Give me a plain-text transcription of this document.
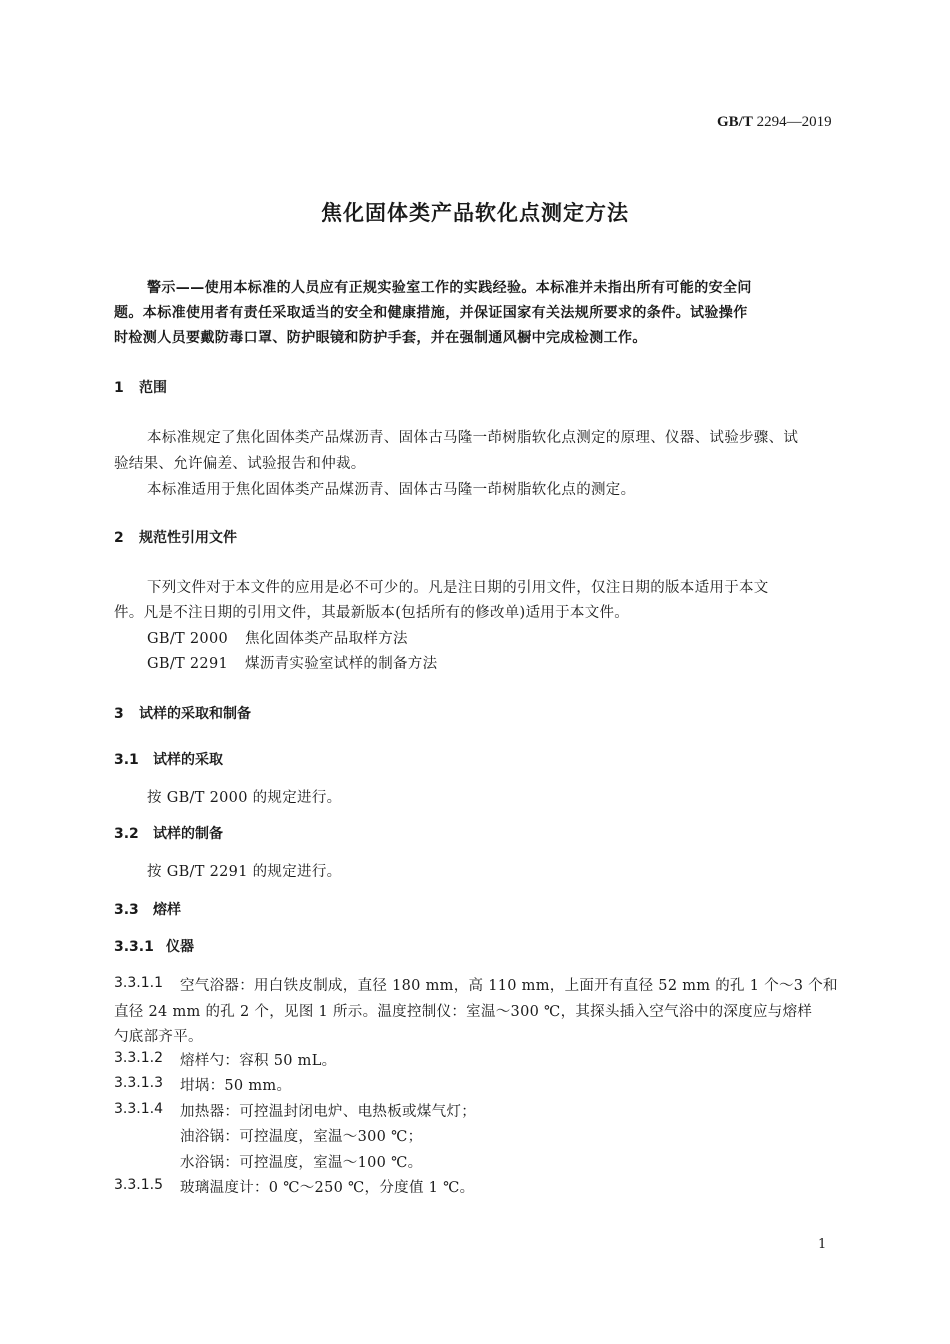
GB/T 2294—2019
焦化固体类产品软化点测定方法
警示——使用本标准的人员应有正规实验室工作的实践经验。本标准并未指出所有可能的安全问
题。本标准使用者有责任采取适当的安全和健康措施，并保证国家有关法规所要求的条件。试验操作
时检测人员要戴防毒口罩、防护眼镜和防护手套，并在强制通风橱中完成检测工作。
1 范围
本标准规定了焦化固体类产品煤沥青、固体古马隆一茚树脂软化点测定的原理、仪器、试验步骤、试
验结果、允许偏差、试验报告和仲裁。
本标准适用于焦化固体类产品煤沥青、固体古马隆一茚树脂软化点的测定。
2 规范性引用文件
下列文件对于本文件的应用是必不可少的。凡是注日期的引用文件，仅注日期的版本适用于本文
件。凡是不注日期的引用文件，其最新版本(包括所有的修改单)适用于本文件。
GB/T 2000 焦化固体类产品取样方法
GB/T 2291 煤沥青实验室试样的制备方法
3 试样的采取和制备
3.1 试样的采取
按 GB/T 2000 的规定进行。
3.2 试样的制备
按 GB/T 2291 的规定进行。
3.3 熔样
3.3.1 仪器
3.3.1.1 空气浴器：用白铁皮制成，直径 180 mm，高 110 mm，上面开有直径 52 mm 的孔 1 个～3 个和
直径 24 mm 的孔 2 个，见图 1 所示。温度控制仪：室温～300 ℃，其探头插入空气浴中的深度应与熔样
勺底部齐平。
3.3.1.2 熔样勺：容积 50 mL。
3.3.1.3 坩埚：50 mm。
3.3.1.4 加热器：可控温封闭电炉、电热板或煤气灯；
油浴锅：可控温度，室温～300 ℃；
水浴锅：可控温度，室温～100 ℃。
3.3.1.5 玻璃温度计：0 ℃～250 ℃，分度值 1 ℃。
1
